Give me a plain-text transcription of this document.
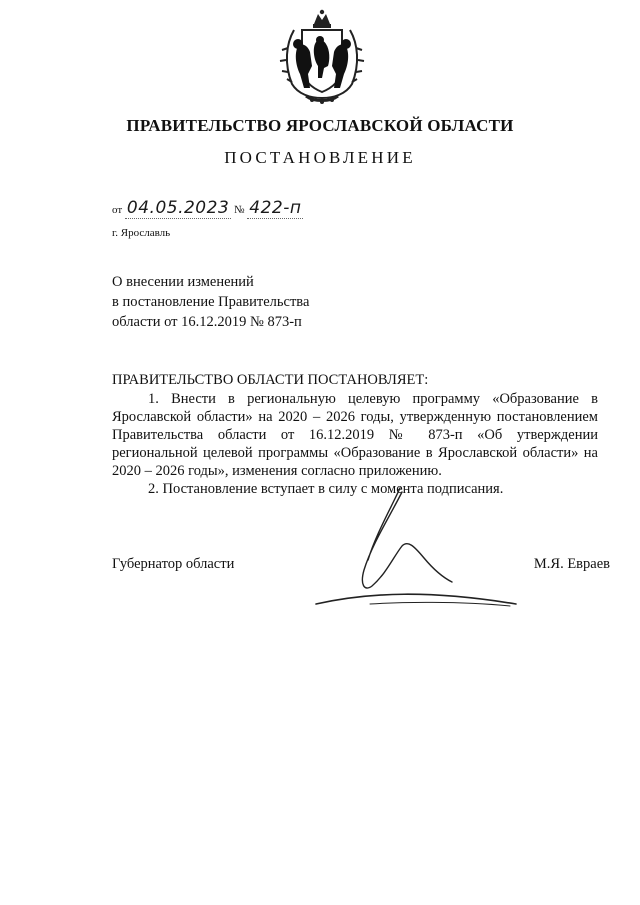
ПРАВИТЕЛЬСТВО ЯРОСЛАВСКОЙ ОБЛАСТИ
ПОСТАНОВЛЕНИЕ
от 04.05.2023 № 422-п
г. Ярославль
О внесении изменений
в постановление Правительства
области от 16.12.2019 № 873-п
ПРАВИТЕЛЬСТВО ОБЛАСТИ ПОСТАНОВЛЯЕТ:

1. Внести в региональную целевую программу «Образование в Ярославской области» на 2020 – 2026 годы, утвержденную постановлением Правительства области от 16.12.2019 № 873-п «Об утверждении региональной целевой программы «Образование в Ярославской области» на 2020 – 2026 годы», изменения согласно приложению.

2. Постановление вступает в силу с момента подписания.

Губернатор области	М.Я. Евраев
